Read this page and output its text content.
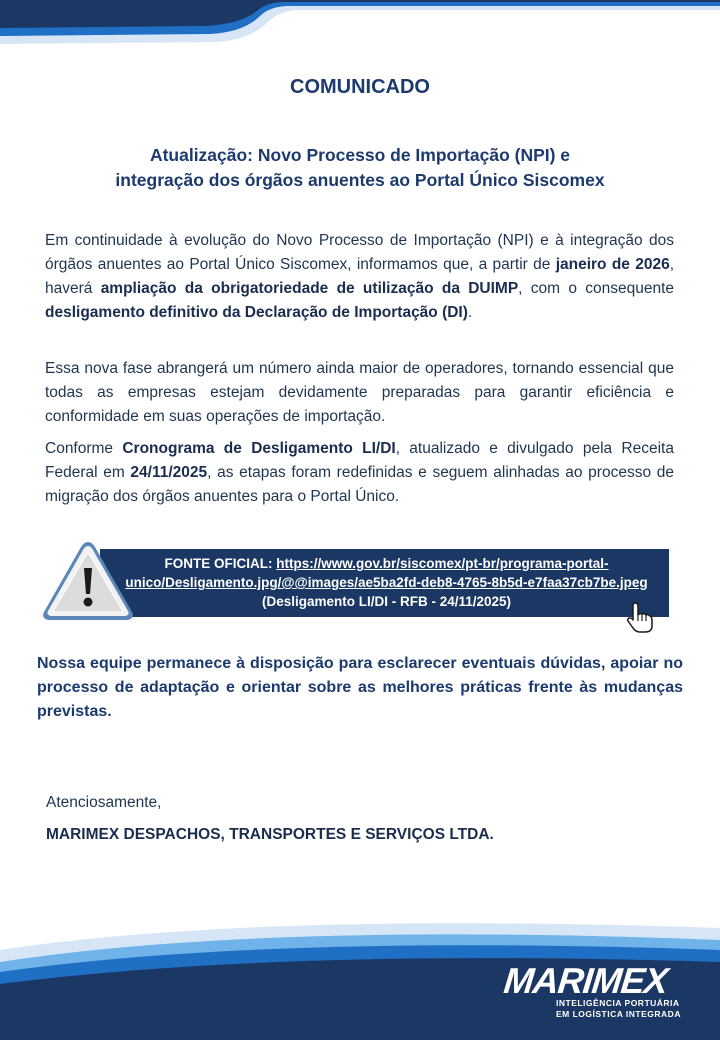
COMUNICADO
Atualização: Novo Processo de Importação (NPI) e
integração dos órgãos anuentes ao Portal Único Siscomex

Em continuidade à evolução do Novo Processo de Importação (NPI) e à integração dos órgãos anuentes ao Portal Único Siscomex, informamos que, a partir de janeiro de 2026, haverá ampliação da obrigatoriedade de utilização da DUIMP, com o consequente desligamento definitivo da Declaração de Importação (DI).

Essa nova fase abrangerá um número ainda maior de operadores, tornando essencial que todas as empresas estejam devidamente preparadas para garantir eficiência e conformidade em suas operações de importação.

Conforme Cronograma de Desligamento LI/DI, atualizado e divulgado pela Receita Federal em 24/11/2025, as etapas foram redefinidas e seguem alinhadas ao processo de migração dos órgãos anuentes para o Portal Único.

FONTE OFICIAL: https://www.gov.br/siscomex/pt-br/programa-portal-unico/Desligamento.jpg/@@images/ae5ba2fd-deb8-4765-8b5d-e7faa37cb7be.jpeg (Desligamento LI/DI - RFB - 24/11/2025)

Nossa equipe permanece à disposição para esclarecer eventuais dúvidas, apoiar no processo de adaptação e orientar sobre as melhores práticas frente às mudanças previstas.

Atenciosamente,

MARIMEX DESPACHOS, TRANSPORTES E SERVIÇOS LTDA.

MARIMEX

INTELIGÊNCIA PORTUÁRIA

EM LOGÍSTICA INTEGRADA
